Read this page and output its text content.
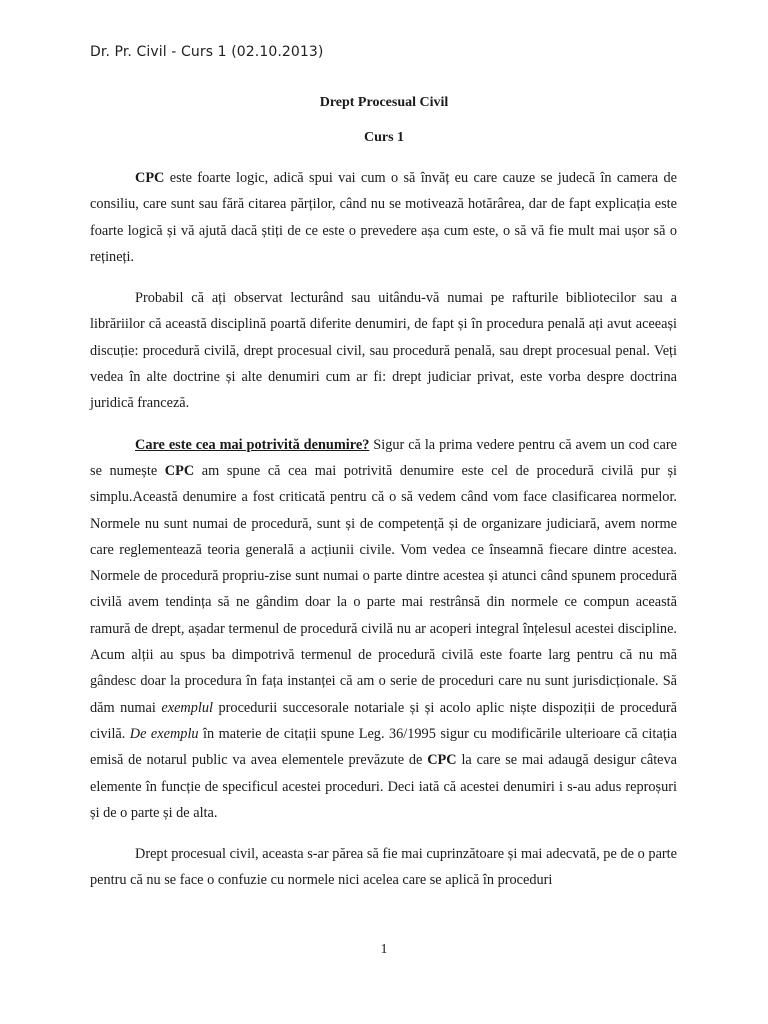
Dr. Pr. Civil - Curs 1 (02.10.2013)
Drept Procesual Civil
Curs 1

CPC este foarte logic, adică spui vai cum o să învăț eu care cauze se judecă în camera de consiliu, care sunt sau fără citarea părților, când nu se motivează hotărârea, dar de fapt explicația este foarte logică și vă ajută dacă știți de ce este o prevedere așa cum este, o să vă fie mult mai ușor să o rețineți.

Probabil că ați observat lecturând sau uitându-vă numai pe rafturile bibliotecilor sau a librăriilor că această disciplină poartă diferite denumiri, de fapt și în procedura penală ați avut aceeași discuție: procedură civilă, drept procesual civil, sau procedură penală, sau drept procesual penal. Veți vedea în alte doctrine și alte denumiri cum ar fi: drept judiciar privat, este vorba despre doctrina juridică franceză.

Care este cea mai potrivită denumire? Sigur că la prima vedere pentru că avem un cod care se numește CPC am spune că cea mai potrivită denumire este cel de procedură civilă pur și simplu.Această denumire a fost criticată pentru că o să vedem când vom face clasificarea normelor. Normele nu sunt numai de procedură, sunt și de competență și de organizare judiciară, avem norme care reglementează teoria generală a acțiunii civile. Vom vedea ce înseamnă fiecare dintre acestea. Normele de procedură propriu-zise sunt numai o parte dintre acestea și atunci când spunem procedură civilă avem tendința să ne gândim doar la o parte mai restrânsă din normele ce compun această ramură de drept, așadar termenul de procedură civilă nu ar acoperi integral înțelesul acestei discipline. Acum alții au spus ba dimpotrivă termenul de procedură civilă este foarte larg pentru că nu mă gândesc doar la procedura în fața instanței că am o serie de proceduri care nu sunt jurisdicționale. Să dăm numai exemplul procedurii succesorale notariale și și acolo aplic niște dispoziții de procedură civilă. De exemplu în materie de citații spune Leg. 36/1995 sigur cu modificările ulterioare că citația emisă de notarul public va avea elementele prevăzute de CPC la care se mai adaugă desigur câteva elemente în funcție de specificul acestei proceduri. Deci iată că acestei denumiri i s-au adus reproșuri și de o parte și de alta.

Drept procesual civil, aceasta s-ar părea să fie mai cuprinzătoare și mai adecvată, pe de o parte pentru că nu se face o confuzie cu normele nici acelea care se aplică în proceduri

1
